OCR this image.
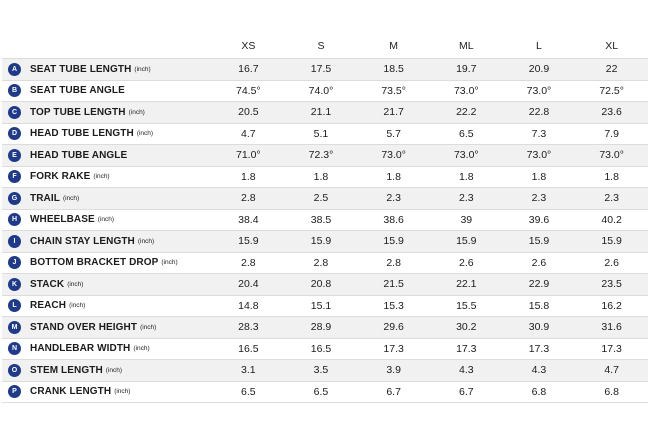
	XS	S	M	ML	L	XL
A SEAT TUBE LENGTH (inch)	16.7	17.5	18.5	19.7	20.9	22
B SEAT TUBE ANGLE	74.5°	74.0°	73.5°	73.0°	73.0°	72.5°
C TOP TUBE LENGTH (inch)	20.5	21.1	21.7	22.2	22.8	23.6
D HEAD TUBE LENGTH (inch)	4.7	5.1	5.7	6.5	7.3	7.9
E HEAD TUBE ANGLE	71.0°	72.3°	73.0°	73.0°	73.0°	73.0°
F FORK RAKE (inch)	1.8	1.8	1.8	1.8	1.8	1.8
G TRAIL (inch)	2.8	2.5	2.3	2.3	2.3	2.3
H WHEELBASE (inch)	38.4	38.5	38.6	39	39.6	40.2
I CHAIN STAY LENGTH (inch)	15.9	15.9	15.9	15.9	15.9	15.9
J BOTTOM BRACKET DROP (inch)	2.8	2.8	2.8	2.6	2.6	2.6
K STACK (inch)	20.4	20.8	21.5	22.1	22.9	23.5
L REACH (inch)	14.8	15.1	15.3	15.5	15.8	16.2
M STAND OVER HEIGHT (inch)	28.3	28.9	29.6	30.2	30.9	31.6
N HANDLEBAR WIDTH (inch)	16.5	16.5	17.3	17.3	17.3	17.3
O STEM LENGTH (inch)	3.1	3.5	3.9	4.3	4.3	4.7
P CRANK LENGTH (inch)	6.5	6.5	6.7	6.7	6.8	6.8
